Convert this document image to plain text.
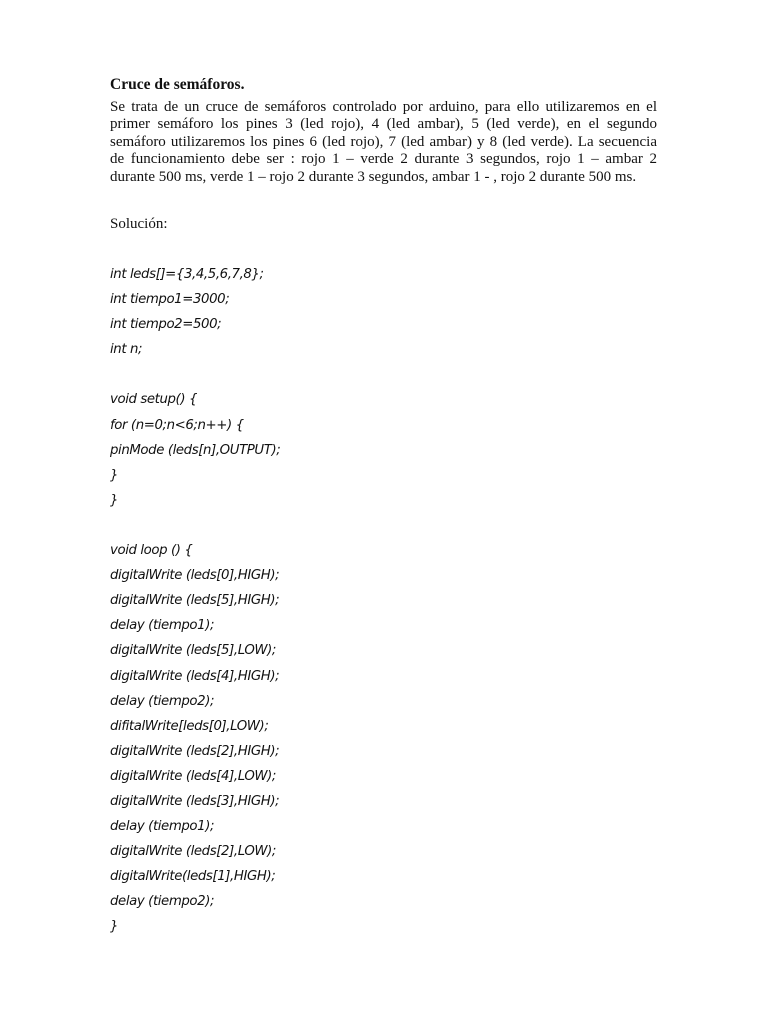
Cruce de semáforos.
Se trata de un cruce de semáforos controlado por arduino, para ello utilizaremos en el
primer semáforo los pines 3 (led rojo), 4 (led ambar), 5 (led verde), en el segundo
semáforo utilizaremos los pines 6 (led rojo), 7 (led ambar) y 8 (led verde). La secuencia
de funcionamiento debe ser : rojo 1 – verde 2 durante 3 segundos, rojo 1 – ambar 2
durante 500 ms, verde 1 – rojo 2 durante 3 segundos, ambar 1 - , rojo 2 durante 500 ms.

Solución:

int leds[]={3,4,5,6,7,8};
int tiempo1=3000;
int tiempo2=500;
int n;
void setup() {
for (n=0;n<6;n++) {
pinMode (leds[n],OUTPUT);
}
}
void loop () {
digitalWrite (leds[0],HIGH);
digitalWrite (leds[5],HIGH);
delay (tiempo1);
digitalWrite (leds[5],LOW);
digitalWrite (leds[4],HIGH);
delay (tiempo2);
difitalWrite[leds[0],LOW);
digitalWrite (leds[2],HIGH);
digitalWrite (leds[4],LOW);
digitalWrite (leds[3],HIGH);
delay (tiempo1);
digitalWrite (leds[2],LOW);
digitalWrite(leds[1],HIGH);
delay (tiempo2);
}
